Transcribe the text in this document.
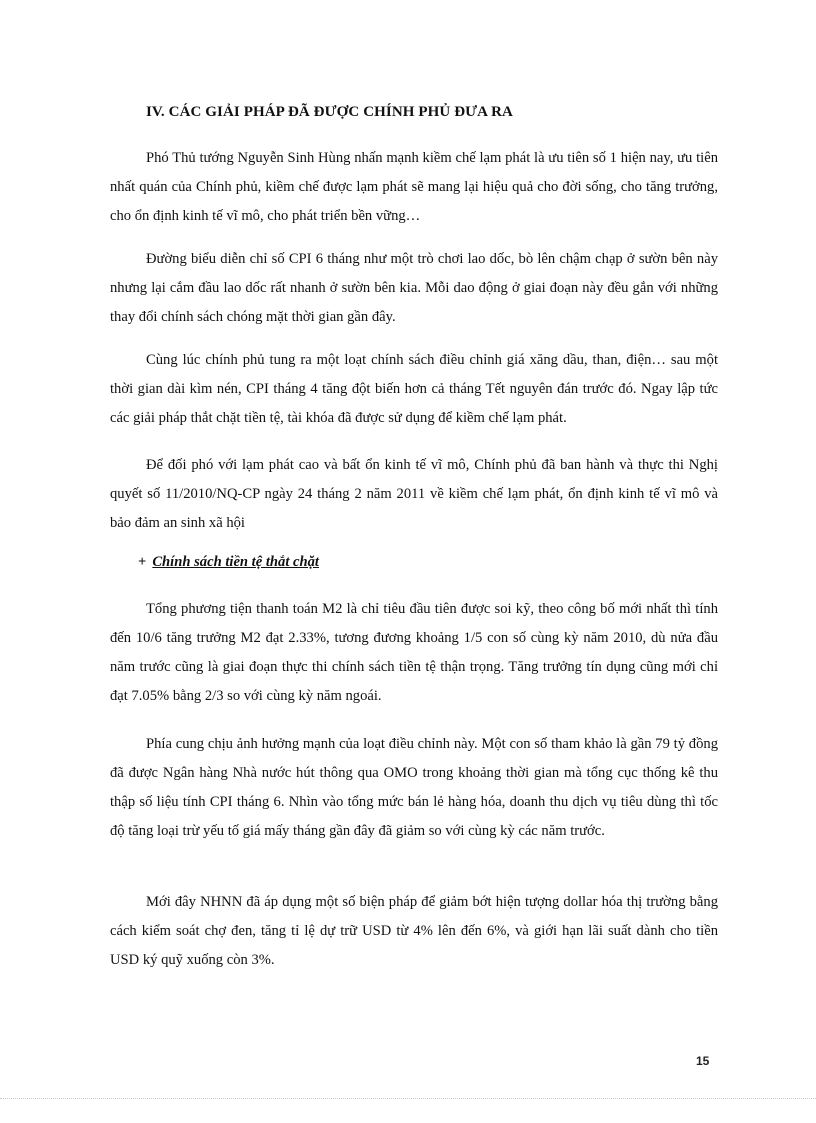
IV. CÁC GIẢI PHÁP ĐÃ ĐƯỢC CHÍNH PHỦ ĐƯA RA

Phó Thủ tướng Nguyễn Sinh Hùng nhấn mạnh kiềm chế lạm phát là ưu tiên số 1 hiện nay, ưu tiên nhất quán của Chính phủ, kiềm chế được lạm phát sẽ mang lại hiệu quả cho đời sống, cho tăng trưởng, cho ổn định kinh tế vĩ mô, cho phát triển bền vững…

Đường biểu diễn chỉ số CPI 6 tháng như một trò chơi lao dốc, bò lên chậm chạp ở sườn bên này nhưng lại cắm đầu lao dốc rất nhanh ở sườn bên kia. Mỗi dao động ở giai đoạn này đều gắn với những thay đổi chính sách chóng mặt thời gian gần đây.

Cùng lúc chính phủ tung ra một loạt chính sách điều chỉnh giá xăng dầu, than, điện… sau một thời gian dài kìm nén, CPI tháng 4 tăng đột biến hơn cả tháng Tết nguyên đán trước đó. Ngay lập tức các giải pháp thắt chặt tiền tệ, tài khóa đã được sử dụng để kiềm chế lạm phát.

Để đối phó với lạm phát cao và bất ổn kinh tế vĩ mô, Chính phủ đã ban hành và thực thi Nghị quyết số 11/2010/NQ-CP ngày 24 tháng 2 năm 2011 về kiềm chế lạm phát, ổn định kinh tế vĩ mô và bảo đảm an sinh xã hội

+ Chính sách tiền tệ thắt chặt

Tổng phương tiện thanh toán M2 là chỉ tiêu đầu tiên được soi kỹ, theo công bố mới nhất thì tính đến 10/6 tăng trưởng M2 đạt 2.33%, tương đương khoảng 1/5 con số cùng kỳ năm 2010, dù nửa đầu năm trước cũng là giai đoạn thực thi chính sách tiền tệ thận trọng. Tăng trưởng tín dụng cũng mới chỉ đạt 7.05% bằng 2/3 so với cùng kỳ năm ngoái.

Phía cung chịu ảnh hưởng mạnh của loạt điều chỉnh này. Một con số tham khảo là gần 79 tỷ đồng đã được Ngân hàng Nhà nước hút thông qua OMO trong khoảng thời gian mà tổng cục thống kê thu thập số liệu tính CPI tháng 6. Nhìn vào tổng mức bán lẻ hàng hóa, doanh thu dịch vụ tiêu dùng thì tốc độ tăng loại trừ yếu tố giá mấy tháng gần đây đã giảm so với cùng kỳ các năm trước.

Mới đây NHNN đã áp dụng một số biện pháp để giảm bớt hiện tượng dollar hóa thị trường bằng cách kiểm soát chợ đen, tăng tỉ lệ dự trữ USD từ 4% lên đến 6%, và giới hạn lãi suất dành cho tiền USD ký quỹ xuống còn 3%.

15
